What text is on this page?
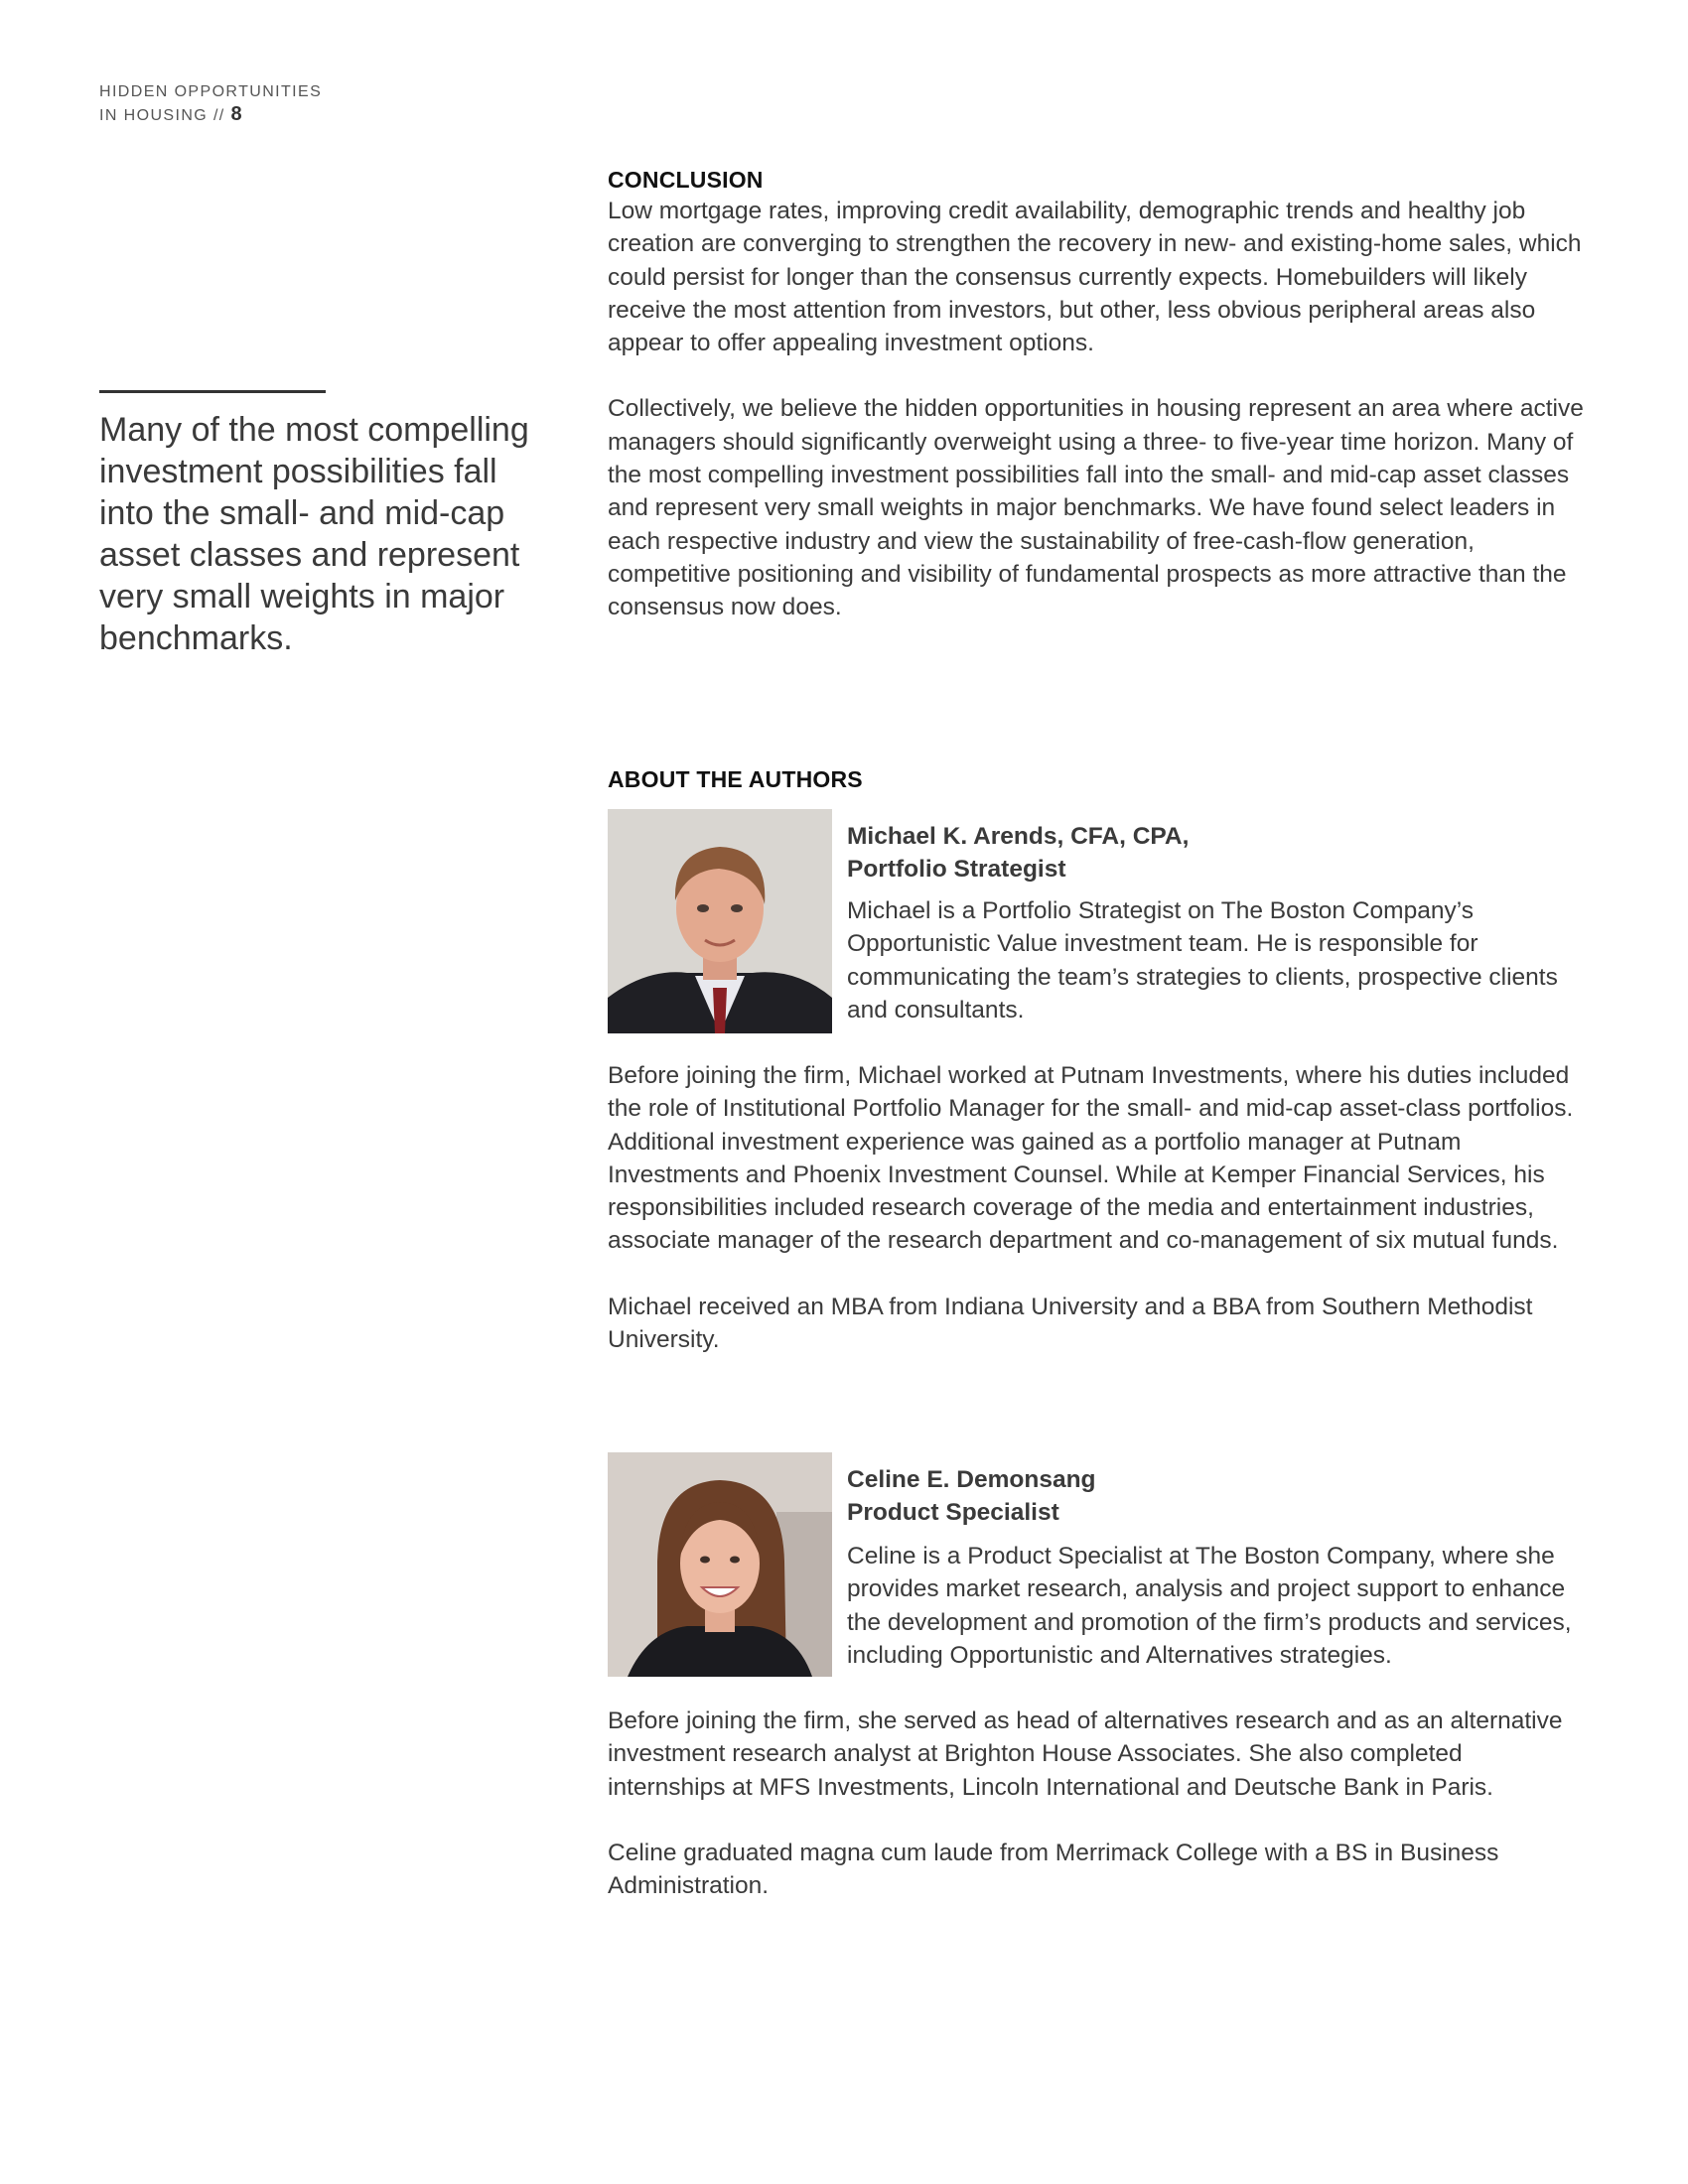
HIDDEN OPPORTUNITIES
IN HOUSING // 8
Many of the most compelling investment possibilities fall into the small- and mid-cap asset classes and represent very small weights in major benchmarks.
CONCLUSION

Low mortgage rates, improving credit availability, demographic trends and healthy job creation are converging to strengthen the recovery in new- and existing-home sales, which could persist for longer than the consensus currently expects. Homebuilders will likely receive the most attention from investors, but other, less obvious peripheral areas also appear to offer appealing investment options.

Collectively, we believe the hidden opportunities in housing represent an area where active managers should significantly overweight using a three- to five-year time horizon. Many of the most compelling investment possibilities fall into the small- and mid-cap asset classes and represent very small weights in major benchmarks. We have found select leaders in each respective industry and view the sustainability of free-cash-flow generation, competitive positioning and visibility of fundamental prospects as more attractive than the consensus now does.

ABOUT THE AUTHORS
Michael K. Arends, CFA, CPA,
Portfolio Strategist

Michael is a Portfolio Strategist on The Boston Company’s Opportunistic Value investment team. He is responsible for communicating the team’s strategies to clients, prospective clients and consultants.

Before joining the firm, Michael worked at Putnam Investments, where his duties included the role of Institutional Portfolio Manager for the small- and mid-cap asset-class portfolios. Additional investment experience was gained as a portfolio manager at Putnam Investments and Phoenix Investment Counsel. While at Kemper Financial Services, his responsibilities included research coverage of the media and entertainment industries, associate manager of the research department and co-management of six mutual funds.

Michael received an MBA from Indiana University and a BBA from Southern Methodist University.

Celine E. Demonsang
Product Specialist

Celine is a Product Specialist at The Boston Company, where she provides market research, analysis and project support to enhance the development and promotion of the firm’s products and services, including Opportunistic and Alternatives strategies.

Before joining the firm, she served as head of alternatives research and as an alternative investment research analyst at Brighton House Associates. She also completed internships at MFS Investments, Lincoln International and Deutsche Bank in Paris.

Celine graduated magna cum laude from Merrimack College with a BS in Business Administration.
